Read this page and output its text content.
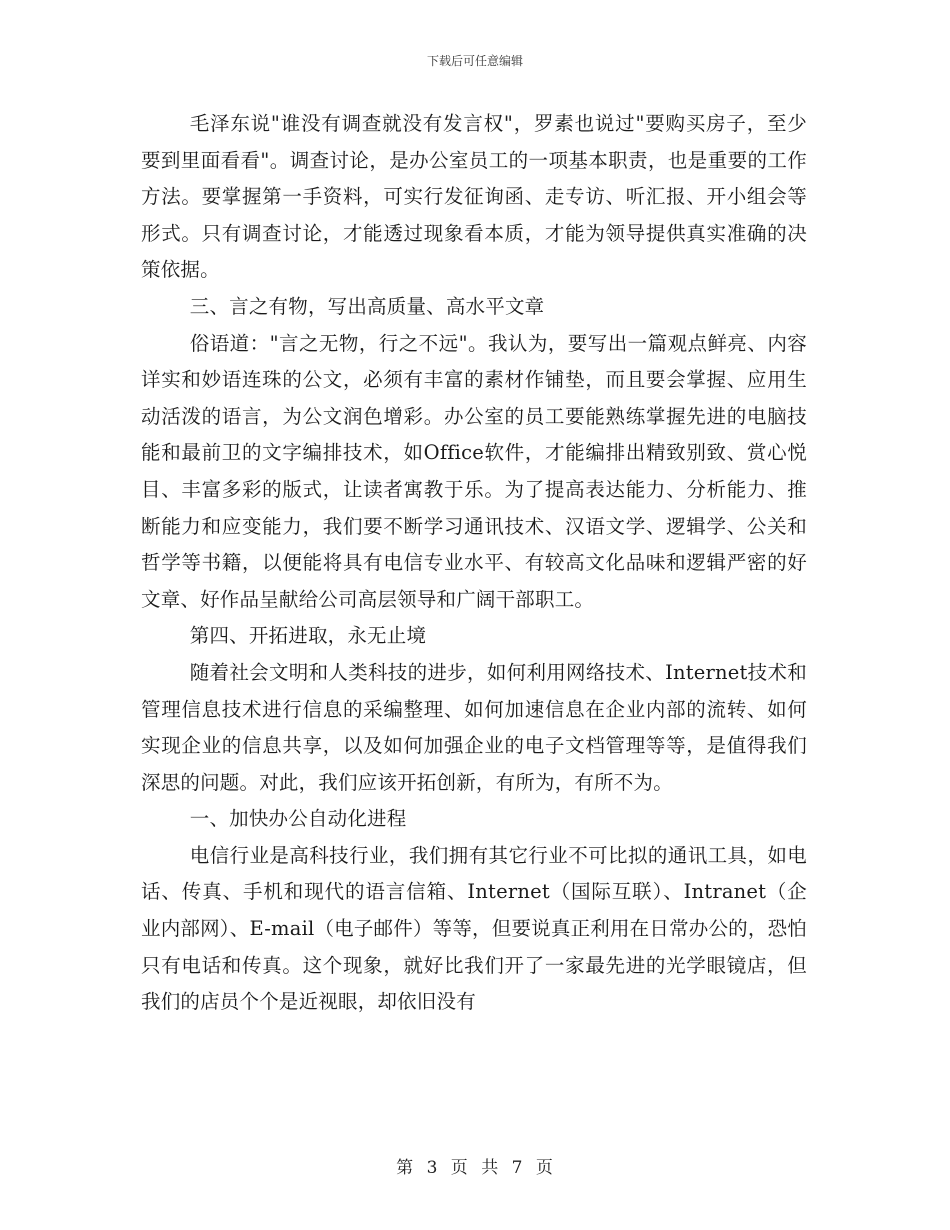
下载后可任意编辑

毛泽东说"谁没有调查就没有发言权"，罗素也说过"要购买房子，至少要到里面看看"。调查讨论，是办公室员工的一项基本职责，也是重要的工作方法。要掌握第一手资料，可实行发征询函、走专访、听汇报、开小组会等形式。只有调查讨论，才能透过现象看本质，才能为领导提供真实准确的决策依据。

三、言之有物，写出高质量、高水平文章

俗语道："言之无物，行之不远"。我认为，要写出一篇观点鲜亮、内容详实和妙语连珠的公文，必须有丰富的素材作铺垫，而且要会掌握、应用生动活泼的语言，为公文润色增彩。办公室的员工要能熟练掌握先进的电脑技能和最前卫的文字编排技术，如Office软件，才能编排出精致别致、赏心悦目、丰富多彩的版式，让读者寓教于乐。为了提高表达能力、分析能力、推断能力和应变能力，我们要不断学习通讯技术、汉语文学、逻辑学、公关和哲学等书籍，以便能将具有电信专业水平、有较高文化品味和逻辑严密的好文章、好作品呈献给公司高层领导和广阔干部职工。

第四、开拓进取，永无止境

随着社会文明和人类科技的进步，如何利用网络技术、Internet技术和管理信息技术进行信息的采编整理、如何加速信息在企业内部的流转、如何实现企业的信息共享，以及如何加强企业的电子文档管理等等，是值得我们深思的问题。对此，我们应该开拓创新，有所为，有所不为。

一、加快办公自动化进程

电信行业是高科技行业，我们拥有其它行业不可比拟的通讯工具，如电话、传真、手机和现代的语言信箱、Internet（国际互联）、Intranet（企业内部网）、E-mail（电子邮件）等等，但要说真正利用在日常办公的，恐怕只有电话和传真。这个现象，就好比我们开了一家最先进的光学眼镜店，但我们的店员个个是近视眼，却依旧没有

第 3 页 共 7 页
